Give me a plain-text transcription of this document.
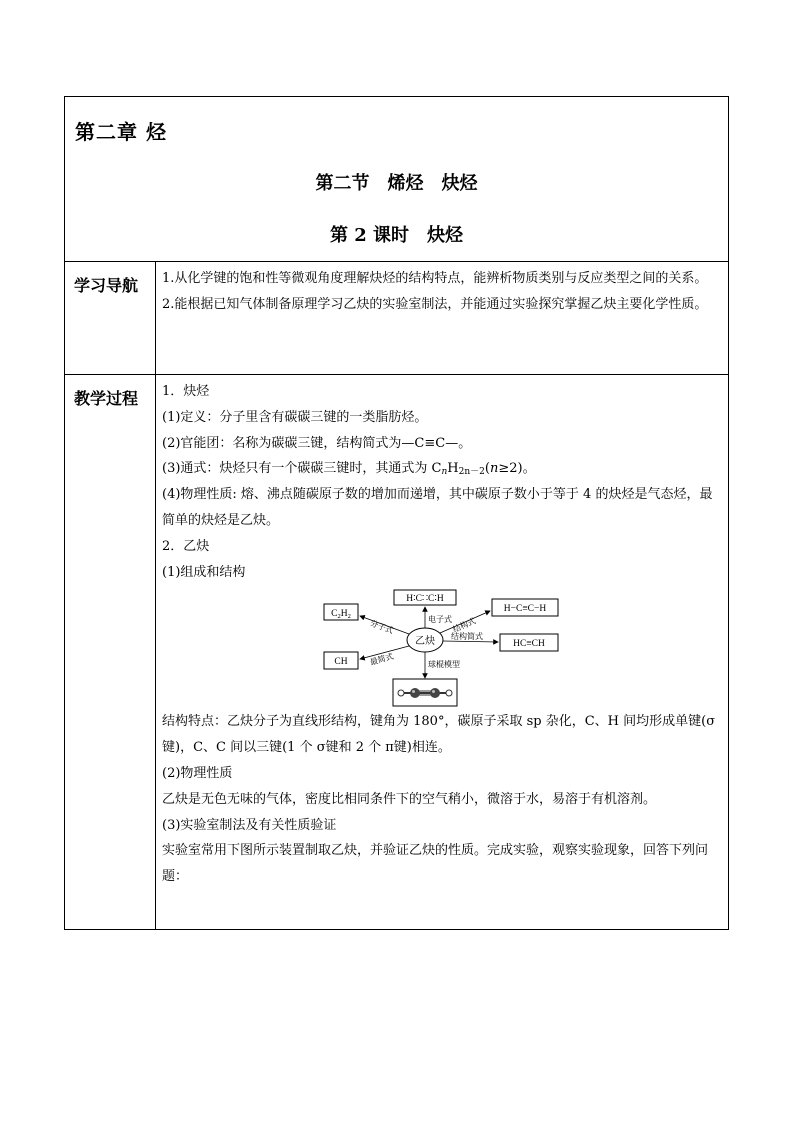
第二章 烃
第二节　烯烃　炔烃
第 2 课时　炔烃
学习导航	1.从化学键的饱和性等微观角度理解炔烃的结构特点，能辨析物质类别与反应类型之间的关系。

2.能根据已知气体制备原理学习乙炔的实验室制法，并能通过实验探究掌握乙炔主要化学性质。

教学过程	1．炔烃

(1)定义：分子里含有碳碳三键的一类脂肪烃。

(2)官能团：名称为碳碳三键，结构简式为—C≡C—。

(3)通式：炔烃只有一个碳碳三键时，其通式为 $C_nH_{2n-2}(n\ge 2)$。

(4)物理性质: 熔、沸点随碳原子数的增加而递增，其中碳原子数小于等于 4 的炔烃是气态烃，最简单的炔烃是乙炔。

2．乙炔

(1)组成和结构

H∶C∷C∶H
$C_2H_2$
H−C≡C−H
CH
HC≡CH
乙炔
电子式
分子式	结构式
最简式
结构简式
球棍模型

结构特点：乙炔分子为直线形结构，键角为 180°，碳原子采取 sp 杂化，C、H 间均形成单键(σ键)，C、C 间以三键(1 个 σ键和 2 个 π键)相连。

(2)物理性质

乙炔是无色无味的气体，密度比相同条件下的空气稍小，微溶于水，易溶于有机溶剂。

(3)实验室制法及有关性质验证

实验室常用下图所示装置制取乙炔，并验证乙炔的性质。完成实验，观察实验现象，回答下列问题：
